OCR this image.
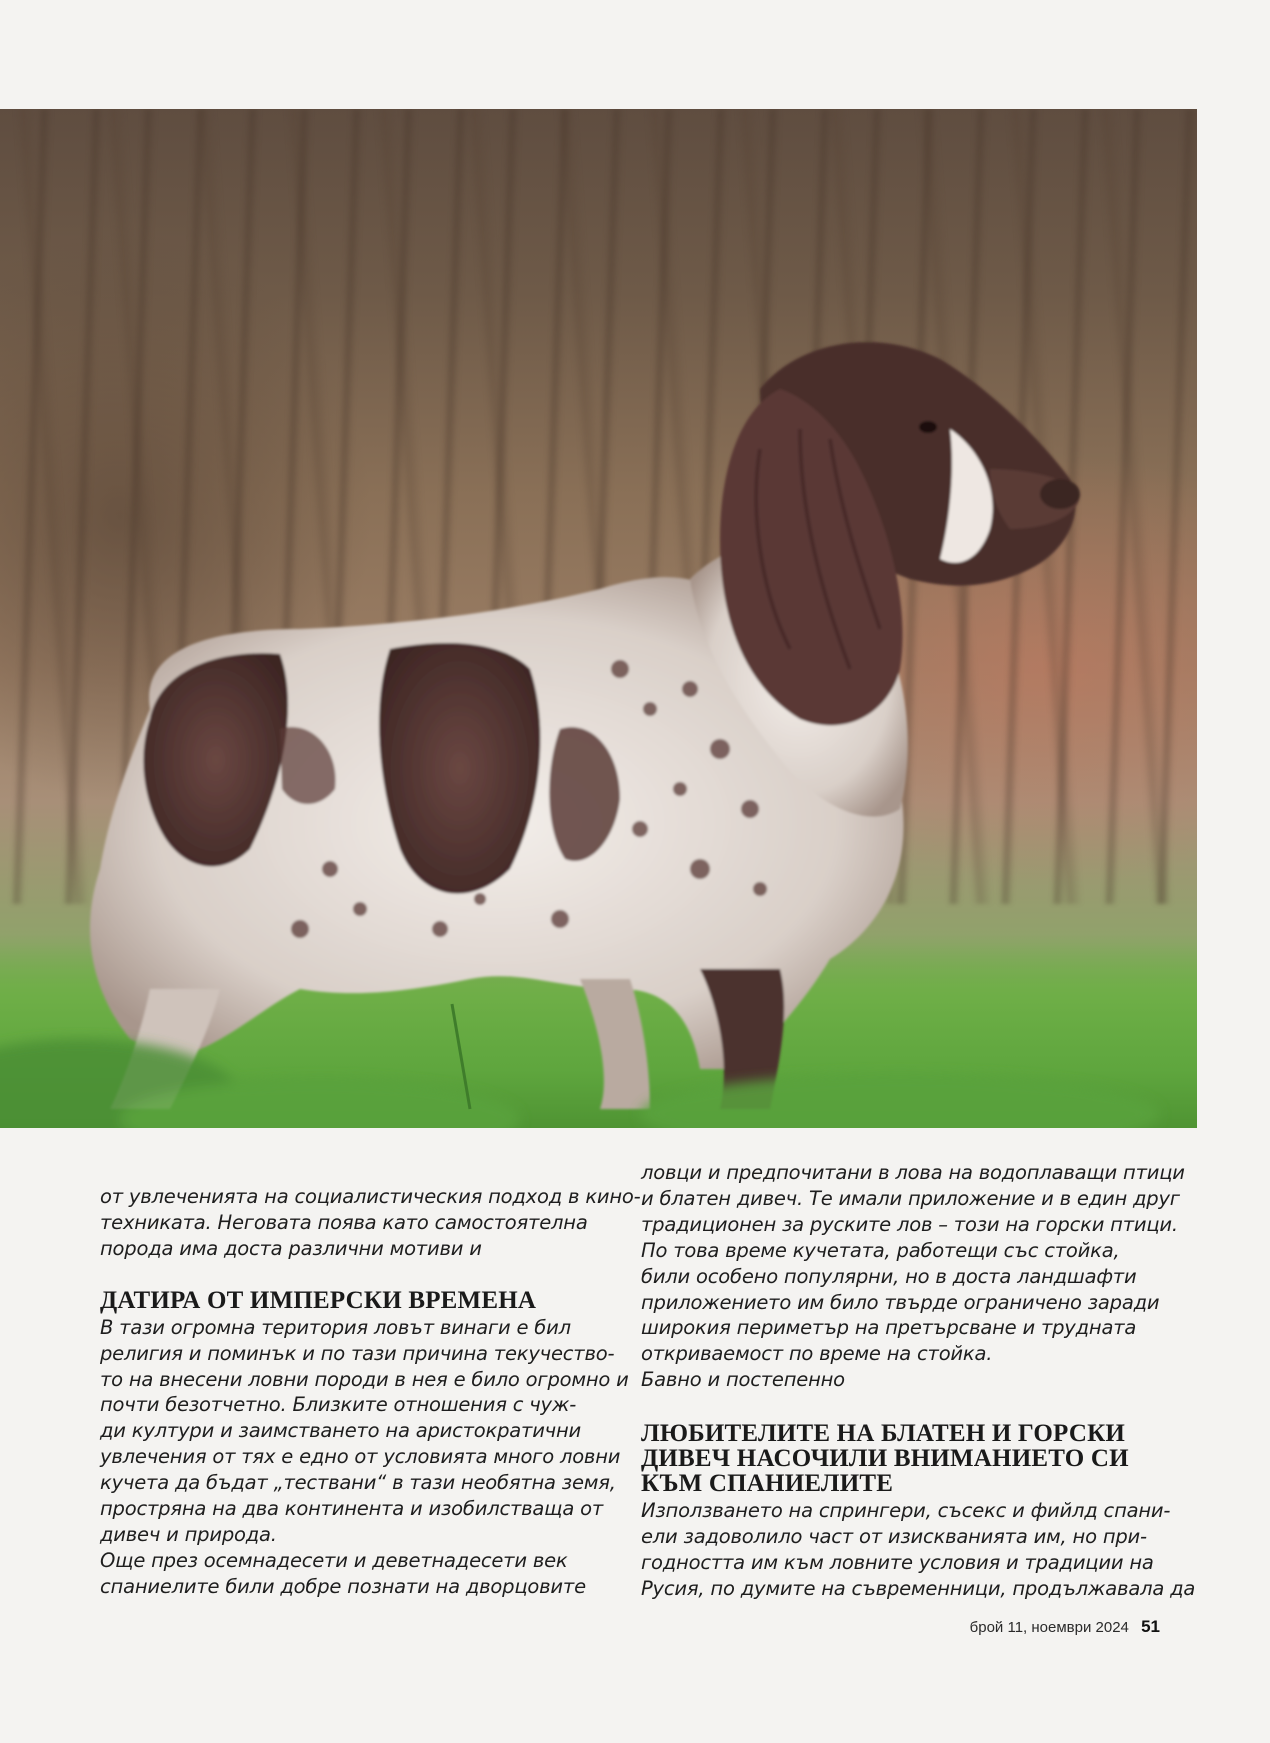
от увлеченията на социалистическия подход в кино-
техниката. Неговата поява като самостоятелна
порода има доста различни мотиви и

ДАТИРА ОТ ИМПЕРСКИ ВРЕМЕНА

В тази огромна територия ловът винаги е бил
религия и поминък и по тази причина текучество-
то на внесени ловни породи в нея е било огромно и
почти безотчетно. Близките отношения с чуж-
ди култури и заимстването на аристократични
увлечения от тях е едно от условията много ловни
кучета да бъдат „тествани“ в тази необятна земя,
простряна на два континента и изобилстваща от
дивеч и природа.
Още през осемнадесети и деветнадесети век
спаниелите били добре познати на дворцовите

ловци и предпочитани в лова на водоплаващи птици
и блатен дивеч. Те имали приложение и в един друг
традиционен за руските лов – този на горски птици.
По това време кучетата, работещи със стойка,
били особено популярни, но в доста ландшафти
приложението им било твърде ограничено заради
широкия периметър на претърсване и трудната
откриваемост по време на стойка.
Бавно и постепенно

ЛЮБИТЕЛИТЕ НА БЛАТЕН И ГОРСКИ
ДИВЕЧ НАСОЧИЛИ ВНИМАНИЕТО СИ
КЪМ СПАНИЕЛИТЕ

Използването на спрингери, съсекс и фийлд спани-
ели задоволило част от изискванията им, но при-
годността им към ловните условия и традиции на
Русия, по думите на съвременници, продължавала да

брой 11, ноември 2024 51
